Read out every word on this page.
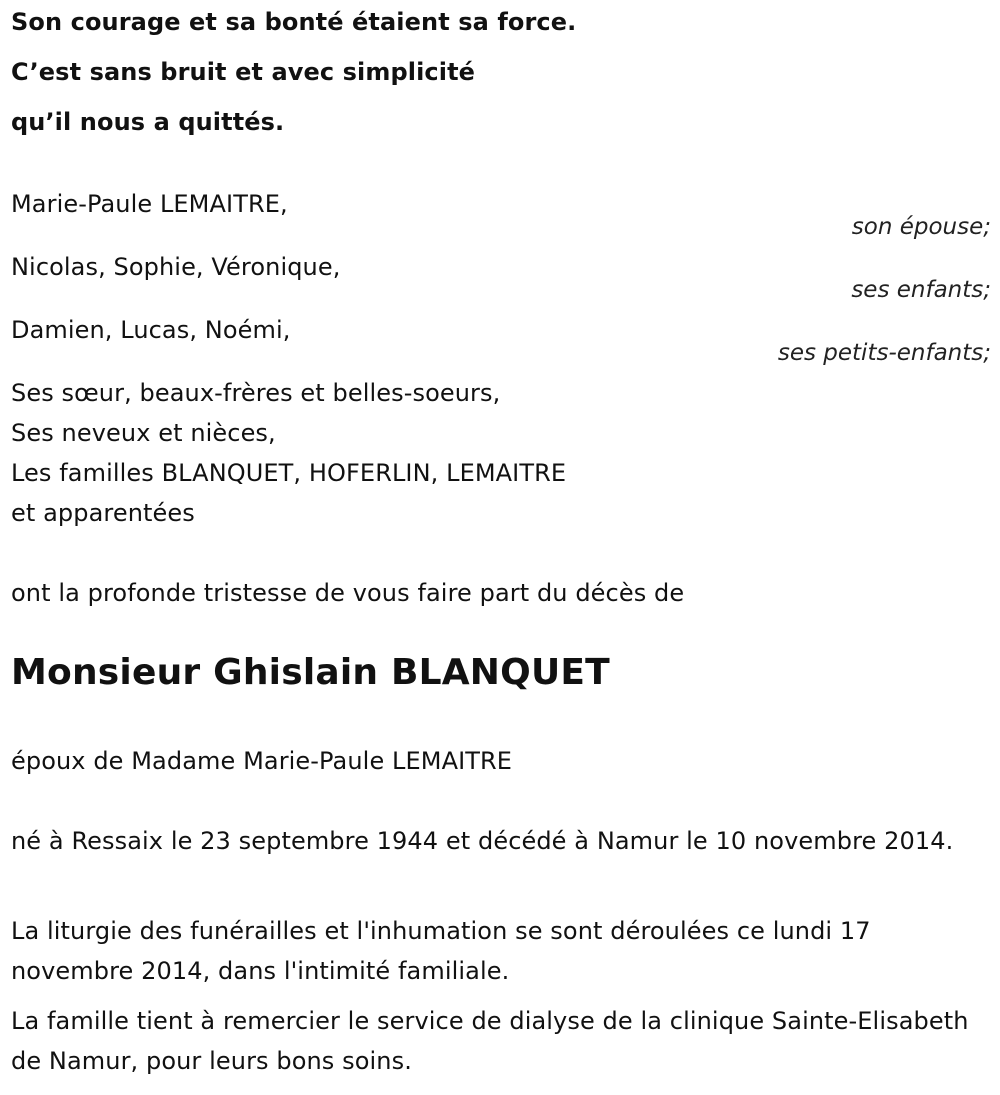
Son courage et sa bonté étaient sa force.
C’est sans bruit et avec simplicité
qu’il nous a quittés.
Marie-Paule LEMAITRE,
son épouse;
Nicolas, Sophie, Véronique,
ses enfants;
Damien, Lucas, Noémi,
ses petits-enfants;
Ses sœur, beaux-frères et belles-soeurs,
Ses neveux et nièces,
Les familles BLANQUET, HOFERLIN, LEMAITRE
et apparentées
ont la profonde tristesse de vous faire part du décès de
Monsieur Ghislain BLANQUET
époux de Madame Marie-Paule LEMAITRE
né à Ressaix le 23 septembre 1944 et décédé à Namur le 10 novembre 2014.
La liturgie des funérailles et l'inhumation se sont déroulées ce lundi 17 novembre 2014, dans l'intimité familiale.
La famille tient à remercier le service de dialyse de la clinique Sainte-Elisabeth de Namur, pour leurs bons soins.
